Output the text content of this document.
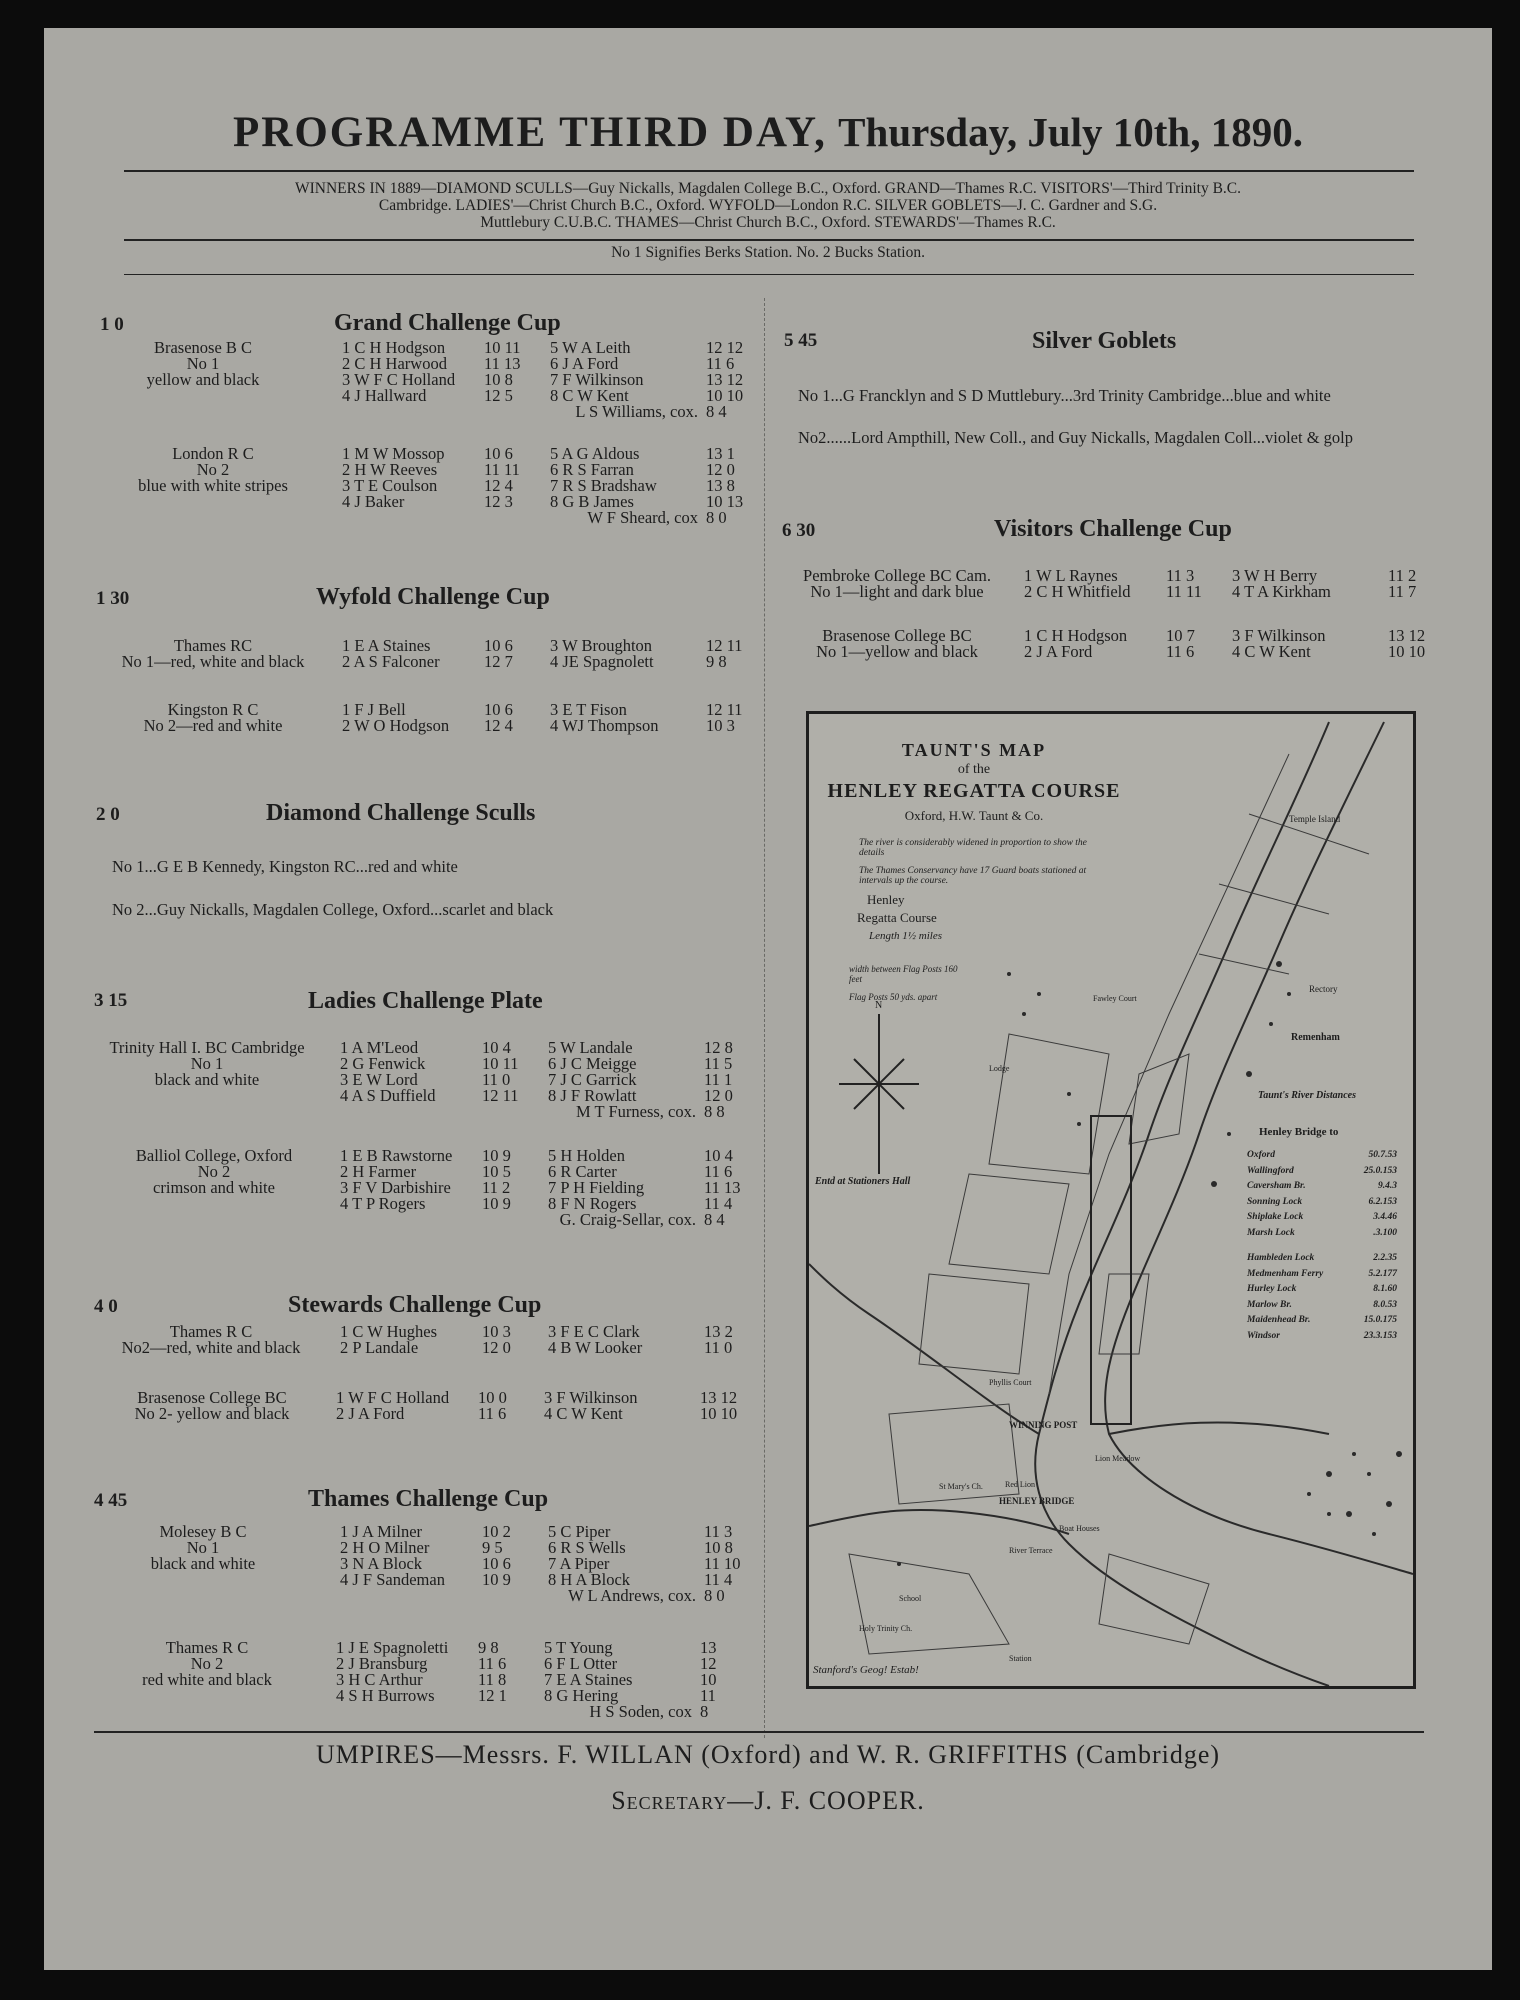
PROGRAMME THIRD DAY, Thursday, July 10th, 1890.
WINNERS IN 1889—DIAMOND SCULLS—Guy Nickalls, Magdalen College B.C., Oxford. GRAND—Thames R.C. VISITORS'—Third Trinity B.C.
Cambridge. LADIES'—Christ Church B.C., Oxford. WYFOLD—London R.C. SILVER GOBLETS—J. C. Gardner and S.G.
Muttlebury C.U.B.C. THAMES—Christ Church B.C., Oxford. STEWARDS'—Thames R.C.
No 1 Signifies Berks Station. No. 2 Bucks Station.
1 0	Grand Challenge Cup
Brasenose B C
No 1
yellow and black
1 C H Hodgson	10 11	5 W A Leith	12 12
2 C H Harwood	11 13	6 J A Ford	11 6
3 W F C Holland	10 8	7 F Wilkinson	13 12
4 J Hallward	12 5	8 C W Kent	10 10
		L S Williams, cox.	8 4
London R C
No 2
blue with white stripes
1 M W Mossop	10 6	5 A G Aldous	13 1
2 H W Reeves	11 11	6 R S Farran	12 0
3 T E Coulson	12 4	7 R S Bradshaw	13 8
4 J Baker	12 3	8 G B James	10 13
		W F Sheard, cox	8 0
1 30	Wyfold Challenge Cup
Thames RC
No 1—red, white and black
1 E A Staines	10 6	3 W Broughton	12 11
2 A S Falconer	12 7	4 JE Spagnolett	9 8
Kingston R C
No 2—red and white
1 F J Bell	10 6	3 E T Fison	12 11
2 W O Hodgson	12 4	4 WJ Thompson	10 3
2 0	Diamond Challenge Sculls
No 1...G E B Kennedy, Kingston RC...red and white
No 2...Guy Nickalls, Magdalen College, Oxford...scarlet and black
3 15	Ladies Challenge Plate
Trinity Hall I. BC Cambridge
No 1
black and white
1 A M'Leod	10 4	5 W Landale	12 8
2 G Fenwick	10 11	6 J C Meigge	11 5
3 E W Lord	11 0	7 J C Garrick	11 1
4 A S Duffield	12 11	8 J F Rowlatt	12 0
		M T Furness, cox.	8 8
Balliol College, Oxford
No 2
crimson and white
1 E B Rawstorne	10 9	5 H Holden	10 4
2 H Farmer	10 5	6 R Carter	11 6
3 F V Darbishire	11 2	7 P H Fielding	11 13
4 T P Rogers	10 9	8 F N Rogers	11 4
		G. Craig-Sellar, cox.	8 4
4 0	Stewards Challenge Cup
Thames R C
No2—red, white and black
1 C W Hughes	10 3	3 F E C Clark	13 2
2 P Landale	12 0	4 B W Looker	11 0
Brasenose College BC
No 2- yellow and black
1 W F C Holland	10 0	3 F Wilkinson	13 12
2 J A Ford	11 6	4 C W Kent	10 10
4 45	Thames Challenge Cup
Molesey B C
No 1
black and white
1 J A Milner	10 2	5 C Piper	11 3
2 H O Milner	9 5	6 R S Wells	10 8
3 N A Block	10 6	7 A Piper	11 10
4 J F Sandeman	10 9	8 H A Block	11 4
		W L Andrews, cox.	8 0
Thames R C
No 2
red white and black
1 J E Spagnoletti	9 8	5 T Young	13
2 J Bransburg	11 6	6 F L Otter	12
3 H C Arthur	11 8	7 E A Staines	10
4 S H Burrows	12 1	8 G Hering	11
		H S Soden, cox	8
5 45	Silver Goblets
No 1...G Francklyn and S D Muttlebury...3rd Trinity Cambridge...blue and white
No2......Lord Ampthill, New Coll., and Guy Nickalls, Magdalen Coll...violet & golp
6 30	Visitors Challenge Cup
Pembroke College BC Cam.
No 1—light and dark blue
1 W L Raynes	11 3	3 W H Berry	11 2
2 C H Whitfield	11 11	4 T A Kirkham	11 7
Brasenose College BC
No 1—yellow and black
1 C H Hodgson	10 7	3 F Wilkinson	13 12
2 J A Ford	11 6	4 C W Kent	10 10
TAUNT'S MAP
of the
HENLEY REGATTA COURSE
Oxford, H.W. Taunt & Co.
The river is considerably widened in proportion to show the details
The Thames Conservancy have 17 Guard boats stationed at intervals up the course.
Henley
Regatta Course
Length 1½ miles
width between Flag Posts 160 feet
Flag Posts 50 yds. apart
N
Entd at Stationers Hall
Stanford's Geog! Estab!
Temple Island
Rectory
Remenham
Fawley Court
Lodge
Lion Meadow
Phyllis Court
WINNING POST
HENLEY BRIDGE
St Mary's Ch.	Red Lion
Boat Houses
Holy Trinity Ch.
School
River Terrace
Station
Taunt's River Distances
Henley Bridge to
Oxford	50.7.53
Wallingford	25.0.153
Caversham Br.	9.4.3
Sonning Lock	6.2.153
Shiplake Lock	3.4.46
Marsh Lock	.3.100
Hambleden Lock	2.2.35
Medmenham Ferry	5.2.177
Hurley Lock	8.1.60
Marlow Br.	8.0.53
Maidenhead Br.	15.0.175
Windsor	23.3.153
UMPIRES—Messrs. F. WILLAN (Oxford) and W. R. GRIFFITHS (Cambridge)
Secretary—J. F. COOPER.
